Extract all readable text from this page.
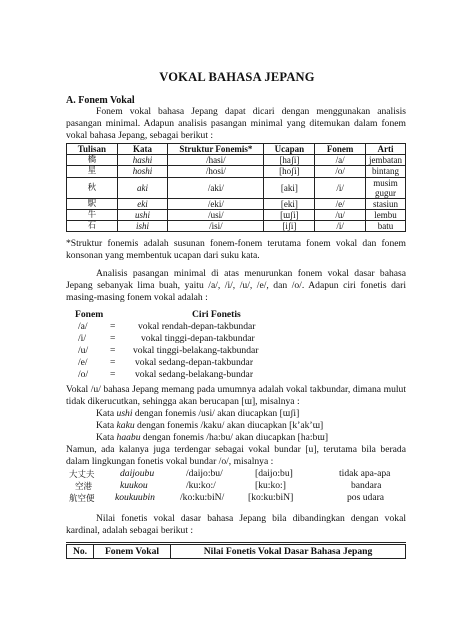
VOKAL BAHASA JEPANG
A. Fonem Vokal

Fonem vokal bahasa Jepang dapat dicari dengan menggunakan analisis pasangan minimal. Adapun analisis pasangan minimal yang ditemukan dalam fonem vokal bahasa Jepang, sebagai berikut :

Tulisan	Kata	Struktur Fonemis*	Ucapan	Fonem	Arti
橋	hashi	/hasi/	[haʃi]	/a/	jembatan
星	hoshi	/hosi/	[hoʃi]	/o/	bintang
秋	aki	/aki/	[aki]	/i/	musim gugur
駅	eki	/eki/	[eki]	/e/	stasiun
牛	ushi	/usi/	[ɯʃi]	/u/	lembu
石	ishi	/isi/	[iʃi]	/i/	batu

*Struktur fonemis adalah susunan fonem-fonem terutama fonem vokal dan fonem konsonan yang membentuk ucapan dari suku kata.

Analisis pasangan minimal di atas menurunkan fonem vokal dasar bahasa Jepang sebanyak lima buah, yaitu /a/, /i/, /u/, /e/, dan /o/. Adapun ciri fonetis dari masing-masing fonem vokal adalah :

Fonem	Ciri Fonetis
/a/ = vokal rendah-depan-takbundar
/i/	=	vokal tinggi-depan-takbundar
/u/ = vokal tinggi-belakang-takbundar
/e/ = vokal sedang-depan-takbundar
/o/ = vokal sedang-belakang-bundar

Vokal /u/ bahasa Jepang memang pada umumnya adalah vokal takbundar, dimana mulut tidak dikerucutkan, sehingga akan berucapan [ɯ], misalnya :

Kata ushi dengan fonemis /usi/ akan diucapkan [ɯʃi]
Kata kaku dengan fonemis /kaku/ akan diucapkan [kʼakʼɯ]
Kata haabu dengan fonemis /ha:bu/ akan diucapkan [ha:bɯ]

Namun, ada kalanya juga terdengar sebagai vokal bundar [u], terutama bila berada dalam lingkungan fonetis vokal bundar /o/, misalnya :

大丈夫	daijoubu	/daijo:bu/	[daijo:bu]	tidak apa-apa
空港	kuukou	/ku:ko:/	[ku:ko:]	bandara
航空便 koukuubin	/ko:ku:biN/ [ko:ku:biN]	pos udara

Nilai fonetis vokal dasar bahasa Jepang bila dibandingkan dengan vokal kardinal, adalah sebagai berikut :

No.	Fonem Vokal	Nilai Fonetis Vokal Dasar Bahasa Jepang
